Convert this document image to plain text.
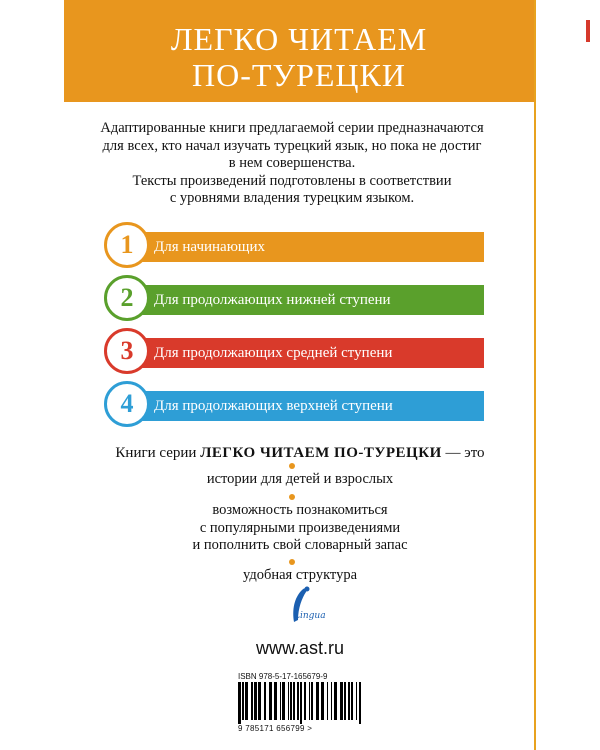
ЛЕГКО ЧИТАЕМ
ПО-ТУРЕЦКИ

Адаптированные книги предлагаемой серии предназначаются

для всех, кто начал изучать турецкий язык, но пока не достиг

в нем совершенства.

Тексты произведений подготовлены в соответствии

с уровнями владения турецким языком.

Для начинающих
1
Для продолжающих нижней ступени
2
Для продолжающих средней ступени
3
Для продолжающих верхней ступени
4
Книги серии ЛЕГКО ЧИТАЕМ ПО-ТУРЕЦКИ — это
истории для детей и взрослых
возможность познакомиться
с популярными произведениями
и пополнить свой словарный запас
удобная структура
Lingua
www.ast.ru
ISBN 978-5-17-165679-9
9 785171 656799 >
